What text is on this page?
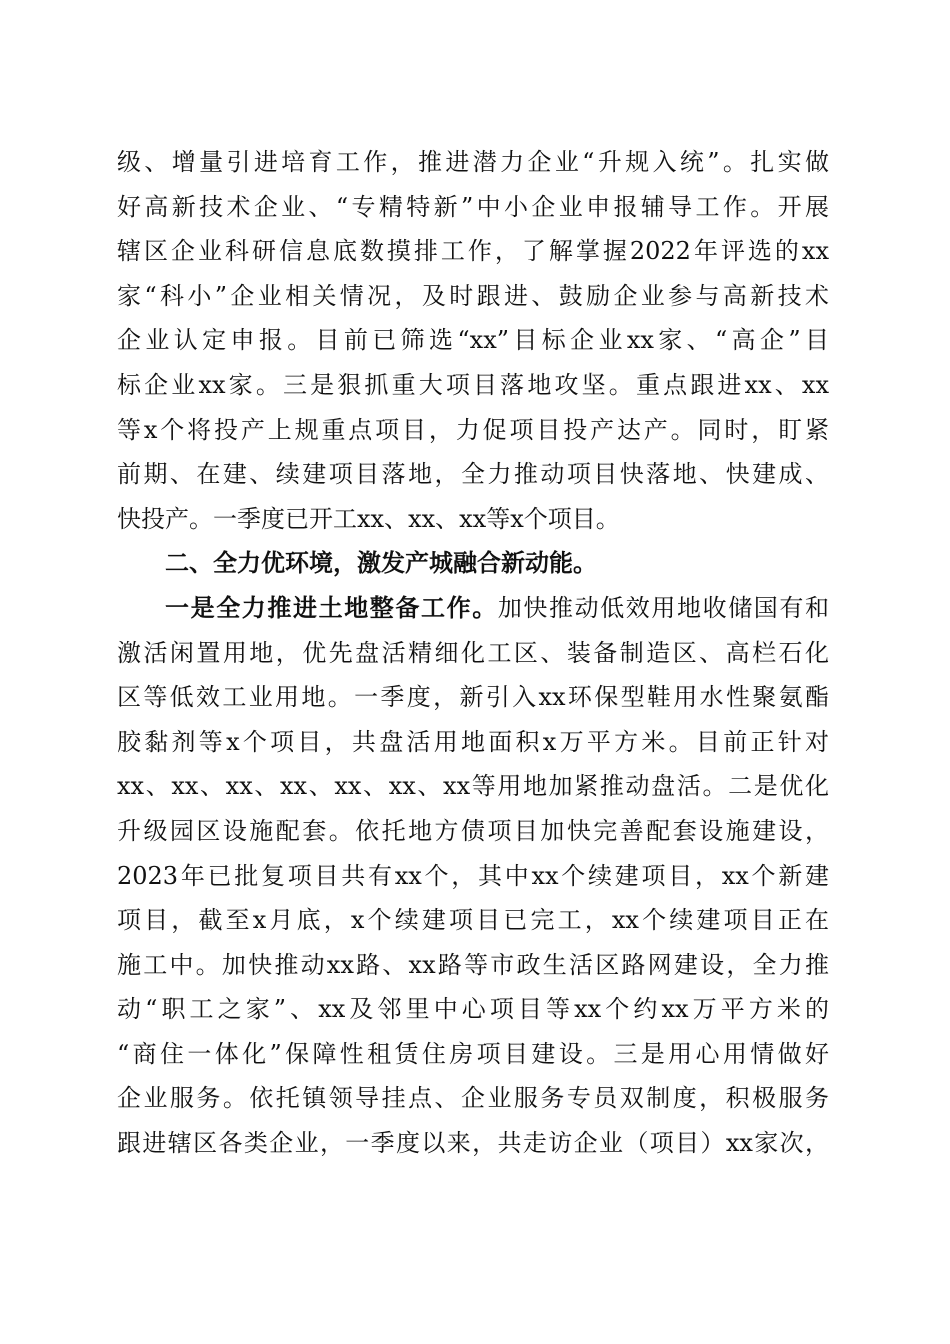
级、增量引进培育工作，推进潜力企业“升规入统”。扎实做
好高新技术企业、“专精特新”中小企业申报辅导工作。开展
辖区企业科研信息底数摸排工作，了解掌握2022年评选的xx
家“科小”企业相关情况，及时跟进、鼓励企业参与高新技术
企业认定申报。目前已筛选“xx”目标企业xx家、“高企”目
标企业xx家。三是狠抓重大项目落地攻坚。重点跟进xx、xx
等x个将投产上规重点项目，力促项目投产达产。同时，盯紧
前期、在建、续建项目落地，全力推动项目快落地、快建成、
快投产。一季度已开工xx、xx、xx等x个项目。
二、全力优环境，激发产城融合新动能。
一是全力推进土地整备工作。加快推动低效用地收储国有和
激活闲置用地，优先盘活精细化工区、装备制造区、高栏石化
区等低效工业用地。一季度，新引入xx环保型鞋用水性聚氨酯
胶黏剂等x个项目，共盘活用地面积x万平方米。目前正针对
xx、xx、xx、xx、xx、xx、xx等用地加紧推动盘活。二是优化
升级园区设施配套。依托地方债项目加快完善配套设施建设，
2023年已批复项目共有xx个，其中xx个续建项目，xx个新建
项目，截至x月底，x个续建项目已完工，xx个续建项目正在
施工中。加快推动xx路、xx路等市政生活区路网建设，全力推
动“职工之家”、xx及邻里中心项目等xx个约xx万平方米的
“商住一体化”保障性租赁住房项目建设。三是用心用情做好
企业服务。依托镇领导挂点、企业服务专员双制度，积极服务
跟进辖区各类企业，一季度以来，共走访企业（项目）xx家次，
